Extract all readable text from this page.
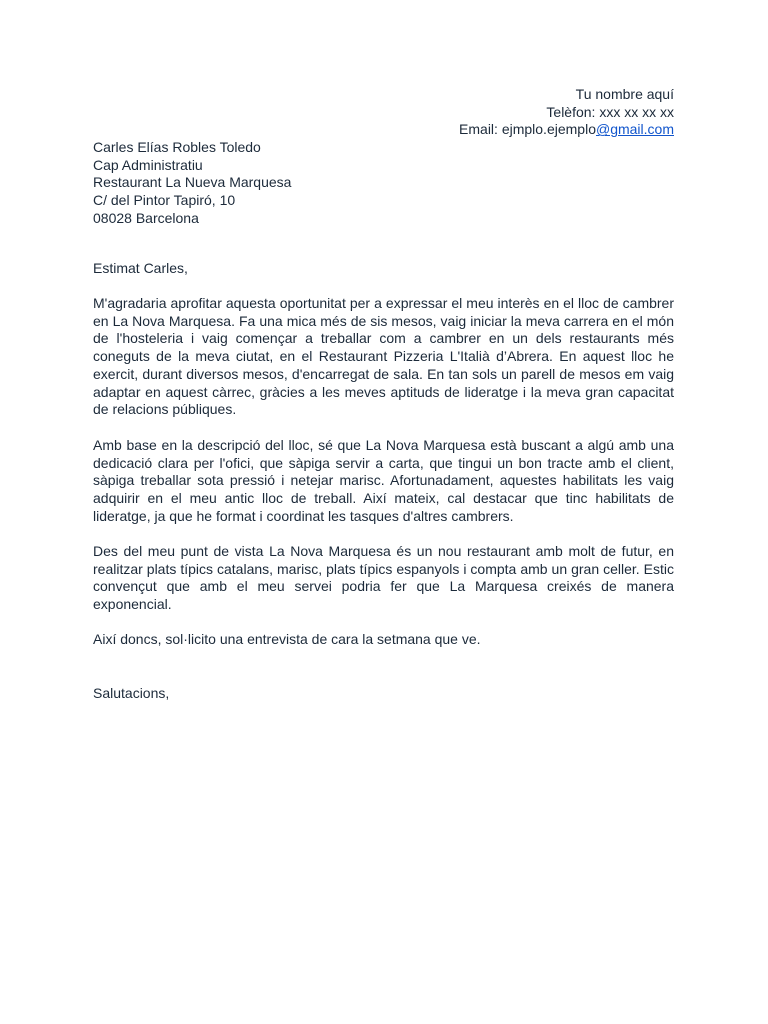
Tu nombre aquí
Telèfon: xxx xx xx xx
Email: ejmplo.ejemplo@gmail.com
Carles Elías Robles Toledo
Cap Administratiu
Restaurant La Nueva Marquesa
C/ del Pintor Tapiró, 10
08028 Barcelona
Estimat Carles,

M'agradaria aprofitar aquesta oportunitat per a expressar el meu interès en el lloc de cambrer en La Nova Marquesa. Fa una mica més de sis mesos, vaig iniciar la meva carrera en el món de l'hosteleria i vaig començar a treballar com a cambrer en un dels restaurants més coneguts de la meva ciutat, en el Restaurant Pizzeria L'Italià d’Abrera. En aquest lloc he exercit, durant diversos mesos, d'encarregat de sala. En tan sols un parell de mesos em vaig adaptar en aquest càrrec, gràcies a les meves aptituds de lideratge i la meva gran capacitat de relacions públiques.

Amb base en la descripció del lloc, sé que La Nova Marquesa està buscant a algú amb una dedicació clara per l'ofici, que sàpiga servir a carta, que tingui un bon tracte amb el client, sàpiga treballar sota pressió i netejar marisc. Afortunadament, aquestes habilitats les vaig adquirir en el meu antic lloc de treball. Així mateix, cal destacar que tinc habilitats de lideratge, ja que he format i coordinat les tasques d'altres cambrers.

Des del meu punt de vista La Nova Marquesa és un nou restaurant amb molt de futur, en realitzar plats típics catalans, marisc, plats típics espanyols i compta amb un gran celler. Estic convençut que amb el meu servei podria fer que La Marquesa creixés de manera exponencial.

Així doncs, sol·licito una entrevista de cara la setmana que ve.

Salutacions,
